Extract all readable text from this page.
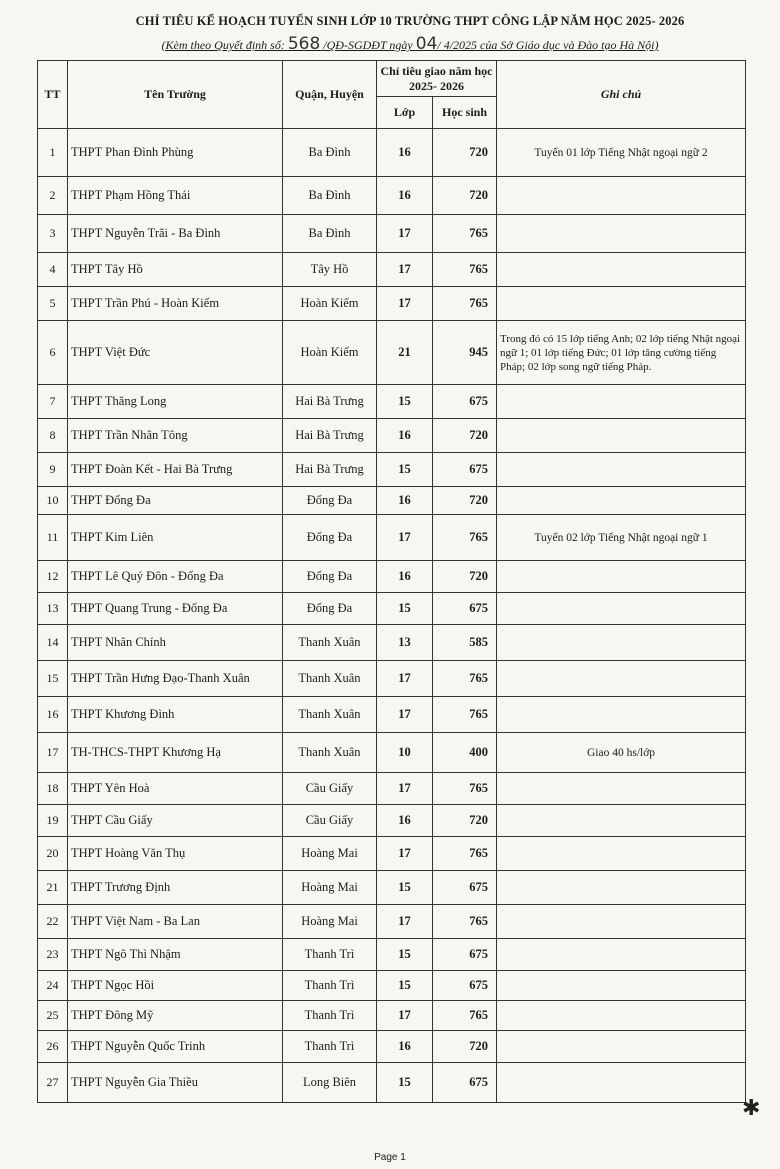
CHỈ TIÊU KẾ HOẠCH TUYỂN SINH LỚP 10 TRƯỜNG THPT CÔNG LẬP NĂM HỌC 2025- 2026
(Kèm theo Quyết định số: 568 /QĐ-SGDĐT ngày 04/ 4/2025 của Sở Giáo dục và Đào tạo Hà Nội)
TT	Tên Trường	Quận, Huyện	Chỉ tiêu giao năm học 2025- 2026		Ghi chú
			Lớp	Học sinh	
1	THPT Phan Đình Phùng	Ba Đình	16	720	Tuyển 01 lớp Tiếng Nhật ngoại ngữ 2
2	THPT Phạm Hồng Thái	Ba Đình	16	720	
3	THPT Nguyễn Trãi - Ba Đình	Ba Đình	17	765	
4	THPT Tây Hồ	Tây Hồ	17	765	
5	THPT Trần Phú - Hoàn Kiếm	Hoàn Kiếm	17	765	
6	THPT Việt Đức	Hoàn Kiếm	21	945	Trong đó có 15 lớp tiếng Anh; 02 lớp tiếng Nhật ngoại ngữ 1; 01 lớp tiếng Đức; 01 lớp tăng cường tiếng Pháp; 02 lớp song ngữ tiếng Pháp.
7	THPT Thăng Long	Hai Bà Trưng	15	675	
8	THPT Trần Nhân Tông	Hai Bà Trưng	16	720	
9	THPT Đoàn Kết - Hai Bà Trưng	Hai Bà Trưng	15	675	
10	THPT Đống Đa	Đống Đa	16	720	
11	THPT Kim Liên	Đống Đa	17	765	Tuyển 02 lớp Tiếng Nhật ngoại ngữ 1
12	THPT Lê Quý Đôn - Đống Đa	Đống Đa	16	720	
13	THPT Quang Trung - Đống Đa	Đống Đa	15	675	
14	THPT Nhân Chính	Thanh Xuân	13	585	
15	THPT Trần Hưng Đạo-Thanh Xuân	Thanh Xuân	17	765	
16	THPT Khương Đình	Thanh Xuân	17	765	
17	TH-THCS-THPT Khương Hạ	Thanh Xuân	10	400	Giao 40 hs/lớp
18	THPT Yên Hoà	Cầu Giấy	17	765	
19	THPT Cầu Giấy	Cầu Giấy	16	720	
20	THPT Hoàng Văn Thụ	Hoàng Mai	17	765	
21	THPT Trương Định	Hoàng Mai	15	675	
22	THPT Việt Nam - Ba Lan	Hoàng Mai	17	765	
23	THPT Ngô Thì Nhậm	Thanh Trì	15	675	
24	THPT Ngọc Hồi	Thanh Trì	15	675	
25	THPT Đông Mỹ	Thanh Trì	17	765	
26	THPT Nguyễn Quốc Trinh	Thanh Trì	16	720	
27	THPT Nguyễn Gia Thiều	Long Biên	15	675	
✱
Page 1
